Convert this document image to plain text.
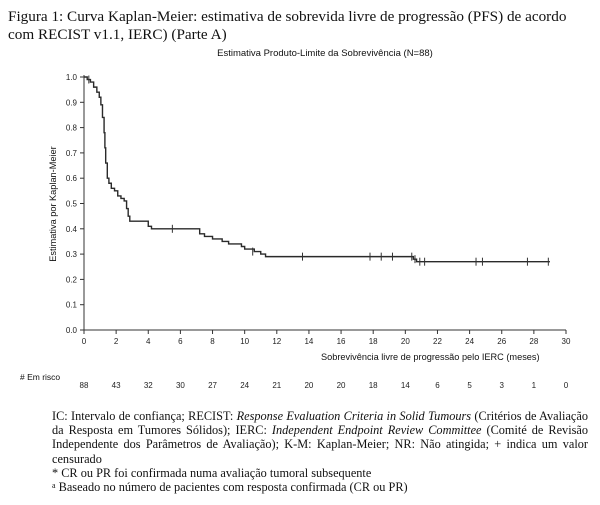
Figura 1: Curva Kaplan-Meier: estimativa de sobrevida livre de progressão (PFS) de acordo com RECIST v1.1, IERC) (Parte A)
Estimativa Produto-Limite da Sobrevivência (N=88)
0	2	4	6	8	10	12	14	16	18	20	22	24	26	28	30
0.0
0.1
0.2
0.3
0.4
0.5
0.6
0.7
0.8
0.9
1.0
Estimativa por Kaplan-Meier
Sobrevivência livre de progressão pelo IERC (meses)
# Em risco
88	43	32	30	27	24	21	20	20	18	14	6	5	3	1	0
IC: Intervalo de confiança; RECIST: Response Evaluation Criteria in Solid Tumours (Critérios de Avaliação da Resposta em Tumores Sólidos); IERC: Independent Endpoint Review Committee (Comité de Revisão Independente dos Parâmetros de Avaliação); K-M: Kaplan-Meier; NR: Não atingida; + indica um valor censurado
* CR ou PR foi confirmada numa avaliação tumoral subsequente
$^a$ Baseado no número de pacientes com resposta confirmada (CR ou PR)
